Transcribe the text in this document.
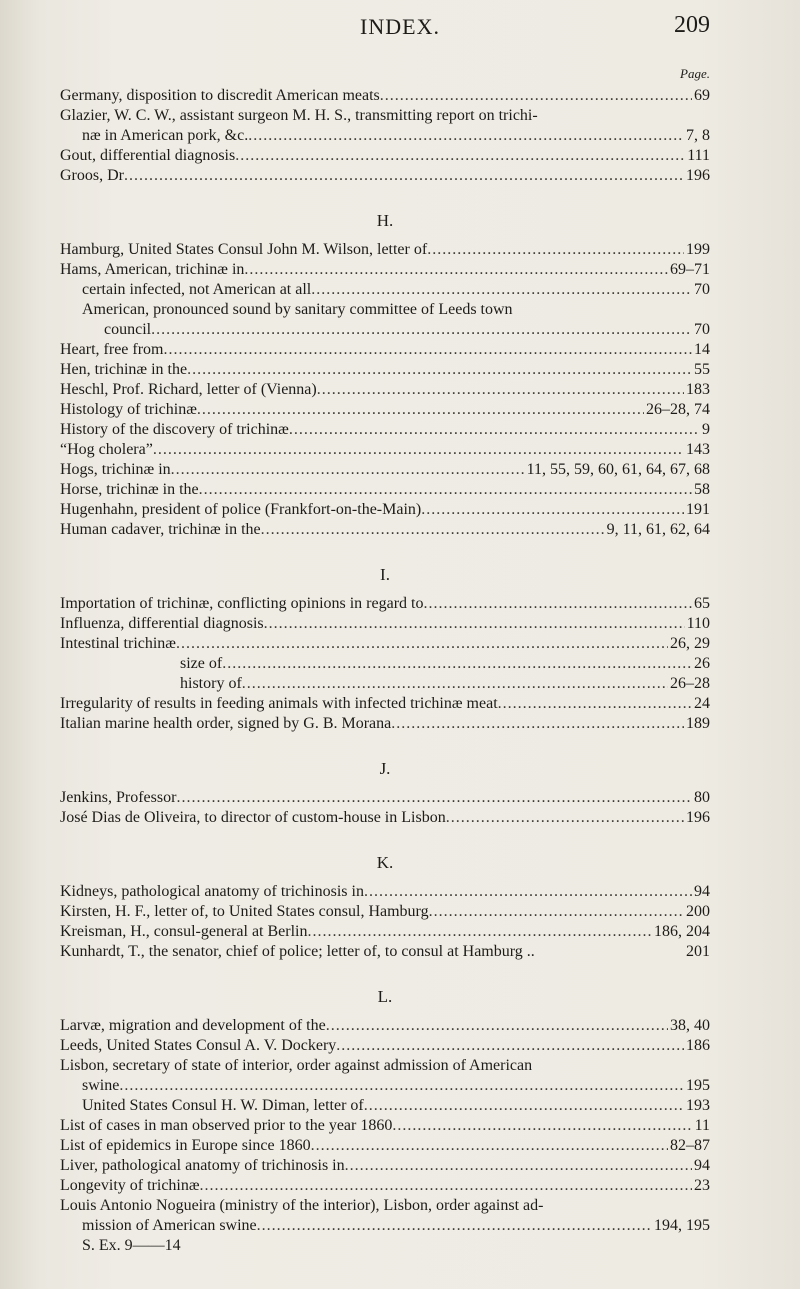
INDEX.	209
Page.
Germany, disposition to discredit American meats .....	69
Glazier, W. C. W., assistant surgeon M. H. S., transmitting report on trichi-
næ in American pork, &c. .....	7, 8
Gout, differential diagnosis .....	111
Groos, Dr .....	196
H.
Hamburg, United States Consul John M. Wilson, letter of .....	199
Hams, American, trichinæ in .....	69–71
certain infected, not American at all .....	70
American, pronounced sound by sanitary committee of Leeds town
council .....	70
Heart, free from .....	14
Hen, trichinæ in the .....	55
Heschl, Prof. Richard, letter of (Vienna) .....	183
Histology of trichinæ .....	26–28, 74
History of the discovery of trichinæ .....	9
“Hog cholera” .....	143
Hogs, trichinæ in .....	11, 55, 59, 60, 61, 64, 67, 68
Horse, trichinæ in the .....	58
Hugenhahn, president of police (Frankfort-on-the-Main) .....	191
Human cadaver, trichinæ in the .....	9, 11, 61, 62, 64
I.
Importation of trichinæ, conflicting opinions in regard to .....	65
Influenza, differential diagnosis .....	110
Intestinal trichinæ .....	26, 29
size of .....	26
history of .....	26–28
Irregularity of results in feeding animals with infected trichinæ meat .....	24
Italian marine health order, signed by G. B. Morana .....	189
J.
Jenkins, Professor .....	80
José Dias de Oliveira, to director of custom-house in Lisbon .....	196
K.
Kidneys, pathological anatomy of trichinosis in .....	94
Kirsten, H. F., letter of, to United States consul, Hamburg .....	200
Kreisman, H., consul-general at Berlin .....	186, 204
Kunhardt, T., the senator, chief of police; letter of, to consul at Hamburg ..	201
L.
Larvæ, migration and development of the .....	38, 40
Leeds, United States Consul A. V. Dockery .....	186
Lisbon, secretary of state of interior, order against admission of American
swine .....	195
United States Consul H. W. Diman, letter of .....	193
List of cases in man observed prior to the year 1860 .....	11
List of epidemics in Europe since 1860 .....	82–87
Liver, pathological anatomy of trichinosis in .....	94
Longevity of trichinæ .....	23
Louis Antonio Nogueira (ministry of the interior), Lisbon, order against ad-
mission of American swine .....	194, 195
S. Ex. 9——14
